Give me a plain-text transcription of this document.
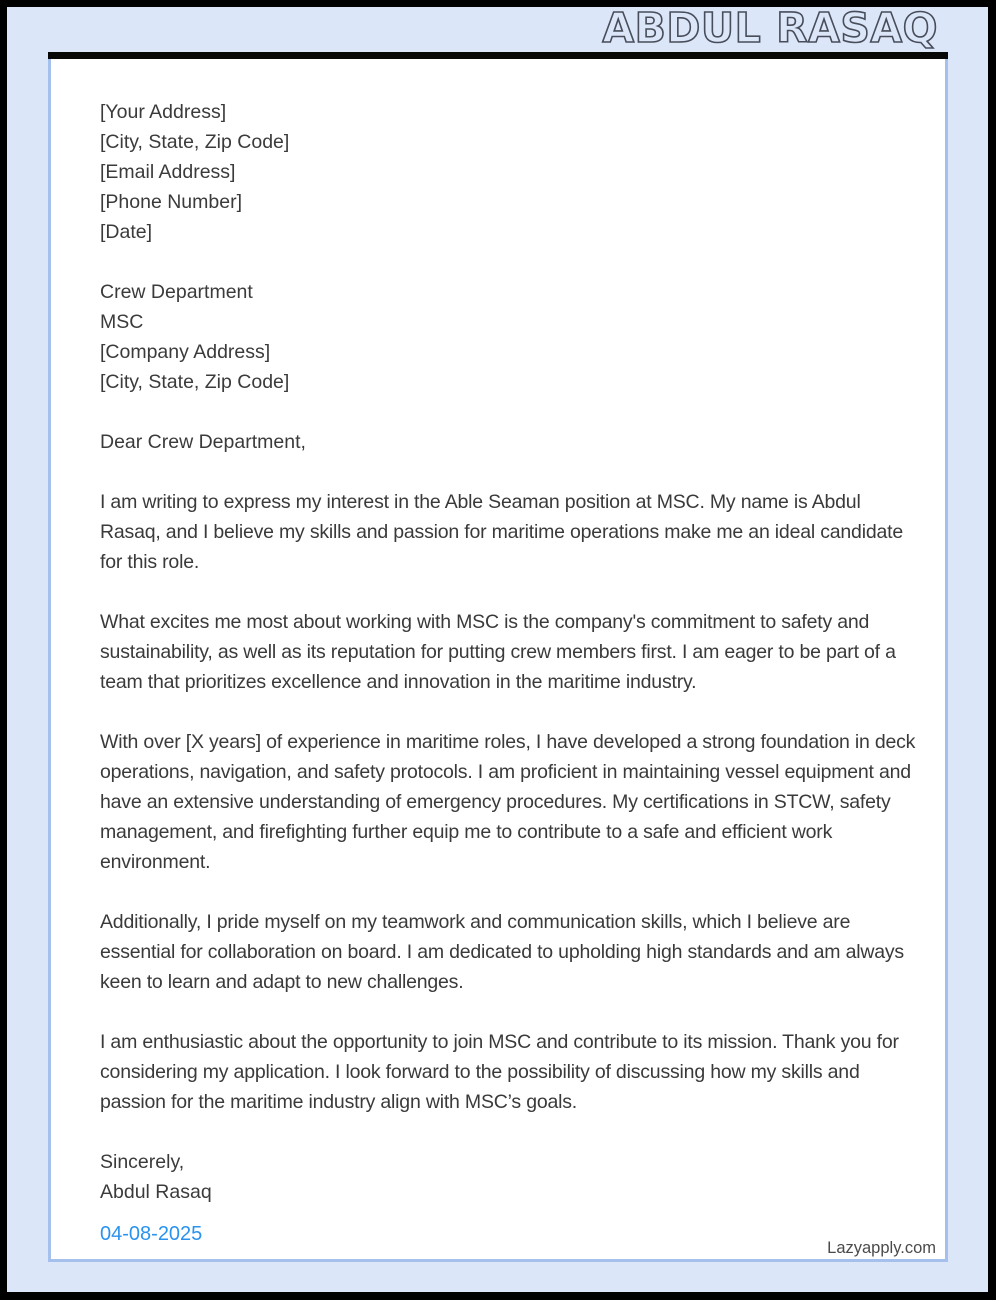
ABDUL RASAQ
[Your Address]
[City, State, Zip Code]
[Email Address]
[Phone Number]
[Date]
Crew Department
MSC
[Company Address]
[City, State, Zip Code]
Dear Crew Department,

I am writing to express my interest in the Able Seaman position at MSC. My name is Abdul Rasaq, and I believe my skills and passion for maritime operations make me an ideal candidate for this role.

What excites me most about working with MSC is the company's commitment to safety and sustainability, as well as its reputation for putting crew members first. I am eager to be part of a team that prioritizes excellence and innovation in the maritime industry.

With over [X years] of experience in maritime roles, I have developed a strong foundation in deck operations, navigation, and safety protocols. I am proficient in maintaining vessel equipment and have an extensive understanding of emergency procedures. My certifications in STCW, safety management, and firefighting further equip me to contribute to a safe and efficient work environment.

Additionally, I pride myself on my teamwork and communication skills, which I believe are essential for collaboration on board. I am dedicated to upholding high standards and am always keen to learn and adapt to new challenges.

I am enthusiastic about the opportunity to join MSC and contribute to its mission. Thank you for considering my application. I look forward to the possibility of discussing how my skills and passion for the maritime industry align with MSC’s goals.

Sincerely,
Abdul Rasaq
04-08-2025
Lazyapply.com
